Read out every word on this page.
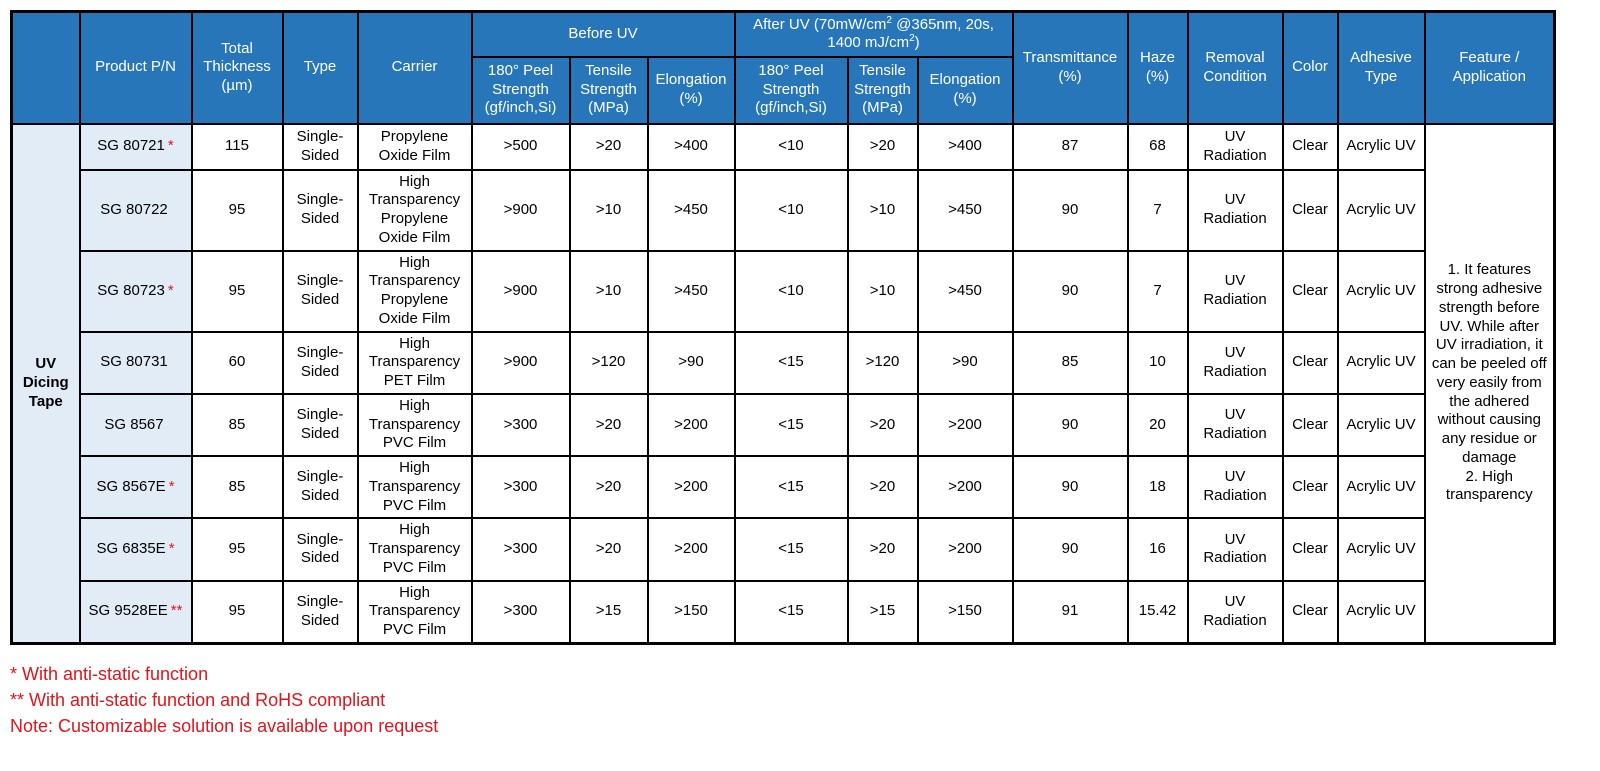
	Product P/N	Total Thickness (µm)	Type	Carrier	Before UV			After UV ($70mW/cm^2$ @365nm, 20s, 1400 $mJ/cm^2$)			Transmittance (%)	Haze (%)	Removal Condition	Color	Adhesive Type	Feature / Application
					180° Peel Strength (gf/inch,Si)	Tensile Strength (MPa)	Elongation (%)	180° Peel Strength (gf/inch,Si)	Tensile Strength (MPa)	Elongation (%)						
UV Dicing Tape	SG 80721 *	115	Single-Sided	Propylene Oxide Film	>500	>20	>400	<10	>20	>400	87	68	UV Radiation	Clear	Acrylic UV	1. It features strong adhesive strength before UV. While after UV irradiation, it can be peeled off very easily from the adhered without causing any residue or damage
2. High transparency

	SG 80722	95	Single-Sided	High Transparency Propylene Oxide Film	>900	>10	>450	<10	>10	>450	90	7	UV Radiation	Clear	Acrylic UV	
	SG 80723 *	95	Single-Sided	High Transparency Propylene Oxide Film	>900	>10	>450	<10	>10	>450	90	7	UV Radiation	Clear	Acrylic UV	
	SG 80731	60	Single-Sided	High Transparency PET Film	>900	>120	>90	<15	>120	>90	85	10	UV Radiation	Clear	Acrylic UV	
	SG 8567	85	Single-Sided	High Transparency PVC Film	>300	>20	>200	<15	>20	>200	90	20	UV Radiation	Clear	Acrylic UV	
	SG 8567E *	85	Single-Sided	High Transparency PVC Film	>300	>20	>200	<15	>20	>200	90	18	UV Radiation	Clear	Acrylic UV	
	SG 6835E *	95	Single-Sided	High Transparency PVC Film	>300	>20	>200	<15	>20	>200	90	16	UV Radiation	Clear	Acrylic UV	
	SG 9528EE **	95	Single-Sided	High Transparency PVC Film	>300	>15	>150	<15	>15	>150	91	15.42	UV Radiation	Clear	Acrylic UV	
* With anti-static function
** With anti-static function and RoHS compliant
Note: Customizable solution is available upon request
